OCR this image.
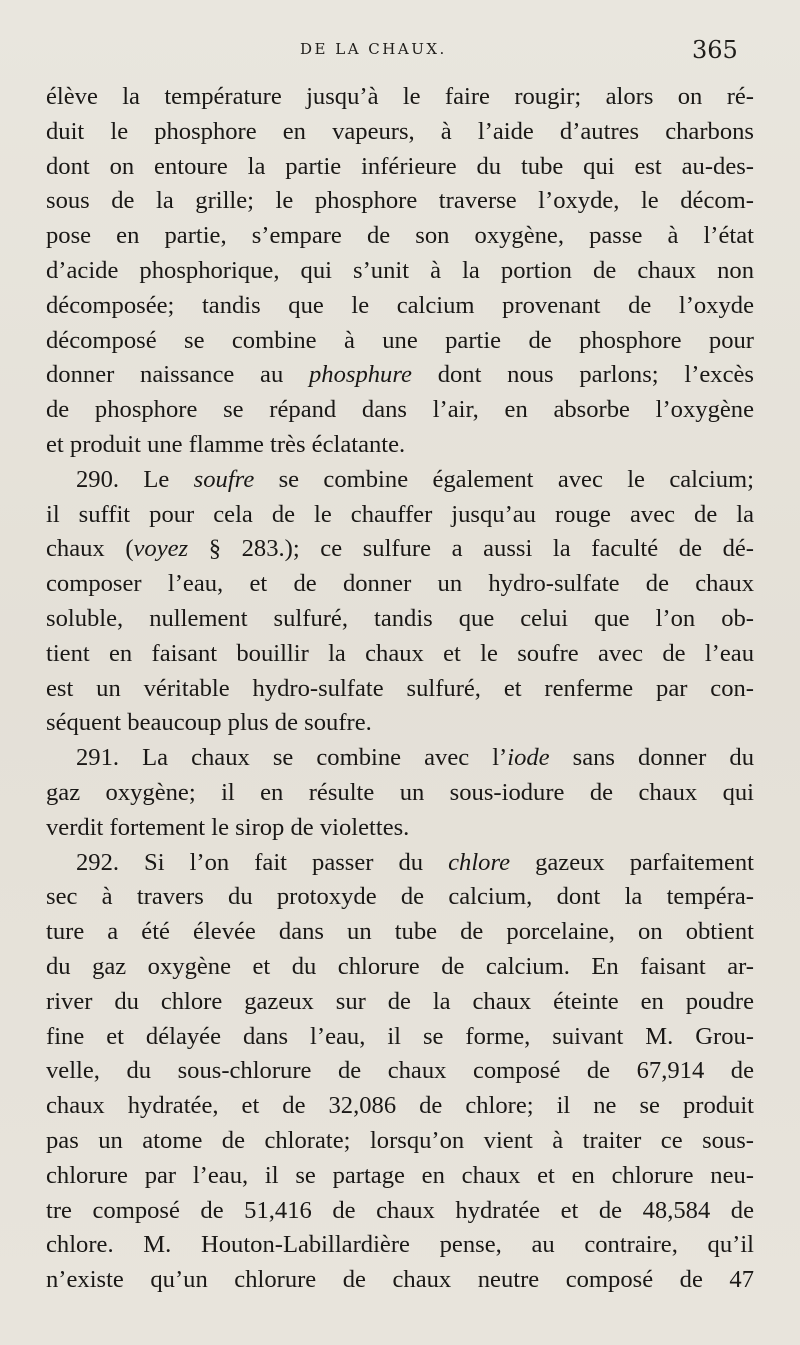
DE LA CHAUX.	365
élève la température jusqu’à le faire rougir; alors on ré-
duit le phosphore en vapeurs, à l’aide d’autres charbons
dont on entoure la partie inférieure du tube qui est au-des-
sous de la grille; le phosphore traverse l’oxyde, le décom-
pose en partie, s’empare de son oxygène, passe à l’état
d’acide phosphorique, qui s’unit à la portion de chaux non
décomposée; tandis que le calcium provenant de l’oxyde
décomposé se combine à une partie de phosphore pour
donner naissance au phosphure dont nous parlons; l’excès
de phosphore se répand dans l’air, en absorbe l’oxygène
et produit une flamme très éclatante.
290. Le soufre se combine également avec le calcium;
il suffit pour cela de le chauffer jusqu’au rouge avec de la
chaux (voyez § 283.); ce sulfure a aussi la faculté de dé-
composer l’eau, et de donner un hydro-sulfate de chaux
soluble, nullement sulfuré, tandis que celui que l’on ob-
tient en faisant bouillir la chaux et le soufre avec de l’eau
est un véritable hydro-sulfate sulfuré, et renferme par con-
séquent beaucoup plus de soufre.
291. La chaux se combine avec l’iode sans donner du
gaz oxygène; il en résulte un sous-iodure de chaux qui
verdit fortement le sirop de violettes.
292. Si l’on fait passer du chlore gazeux parfaitement
sec à travers du protoxyde de calcium, dont la tempéra-
ture a été élevée dans un tube de porcelaine, on obtient
du gaz oxygène et du chlorure de calcium. En faisant ar-
river du chlore gazeux sur de la chaux éteinte en poudre
fine et délayée dans l’eau, il se forme, suivant M. Grou-
velle, du sous-chlorure de chaux composé de 67,914 de
chaux hydratée, et de 32,086 de chlore; il ne se produit
pas un atome de chlorate; lorsqu’on vient à traiter ce sous-
chlorure par l’eau, il se partage en chaux et en chlorure neu-
tre composé de 51,416 de chaux hydratée et de 48,584 de
chlore. M. Houton-Labillardière pense, au contraire, qu’il
n’existe qu’un chlorure de chaux neutre composé de 47
